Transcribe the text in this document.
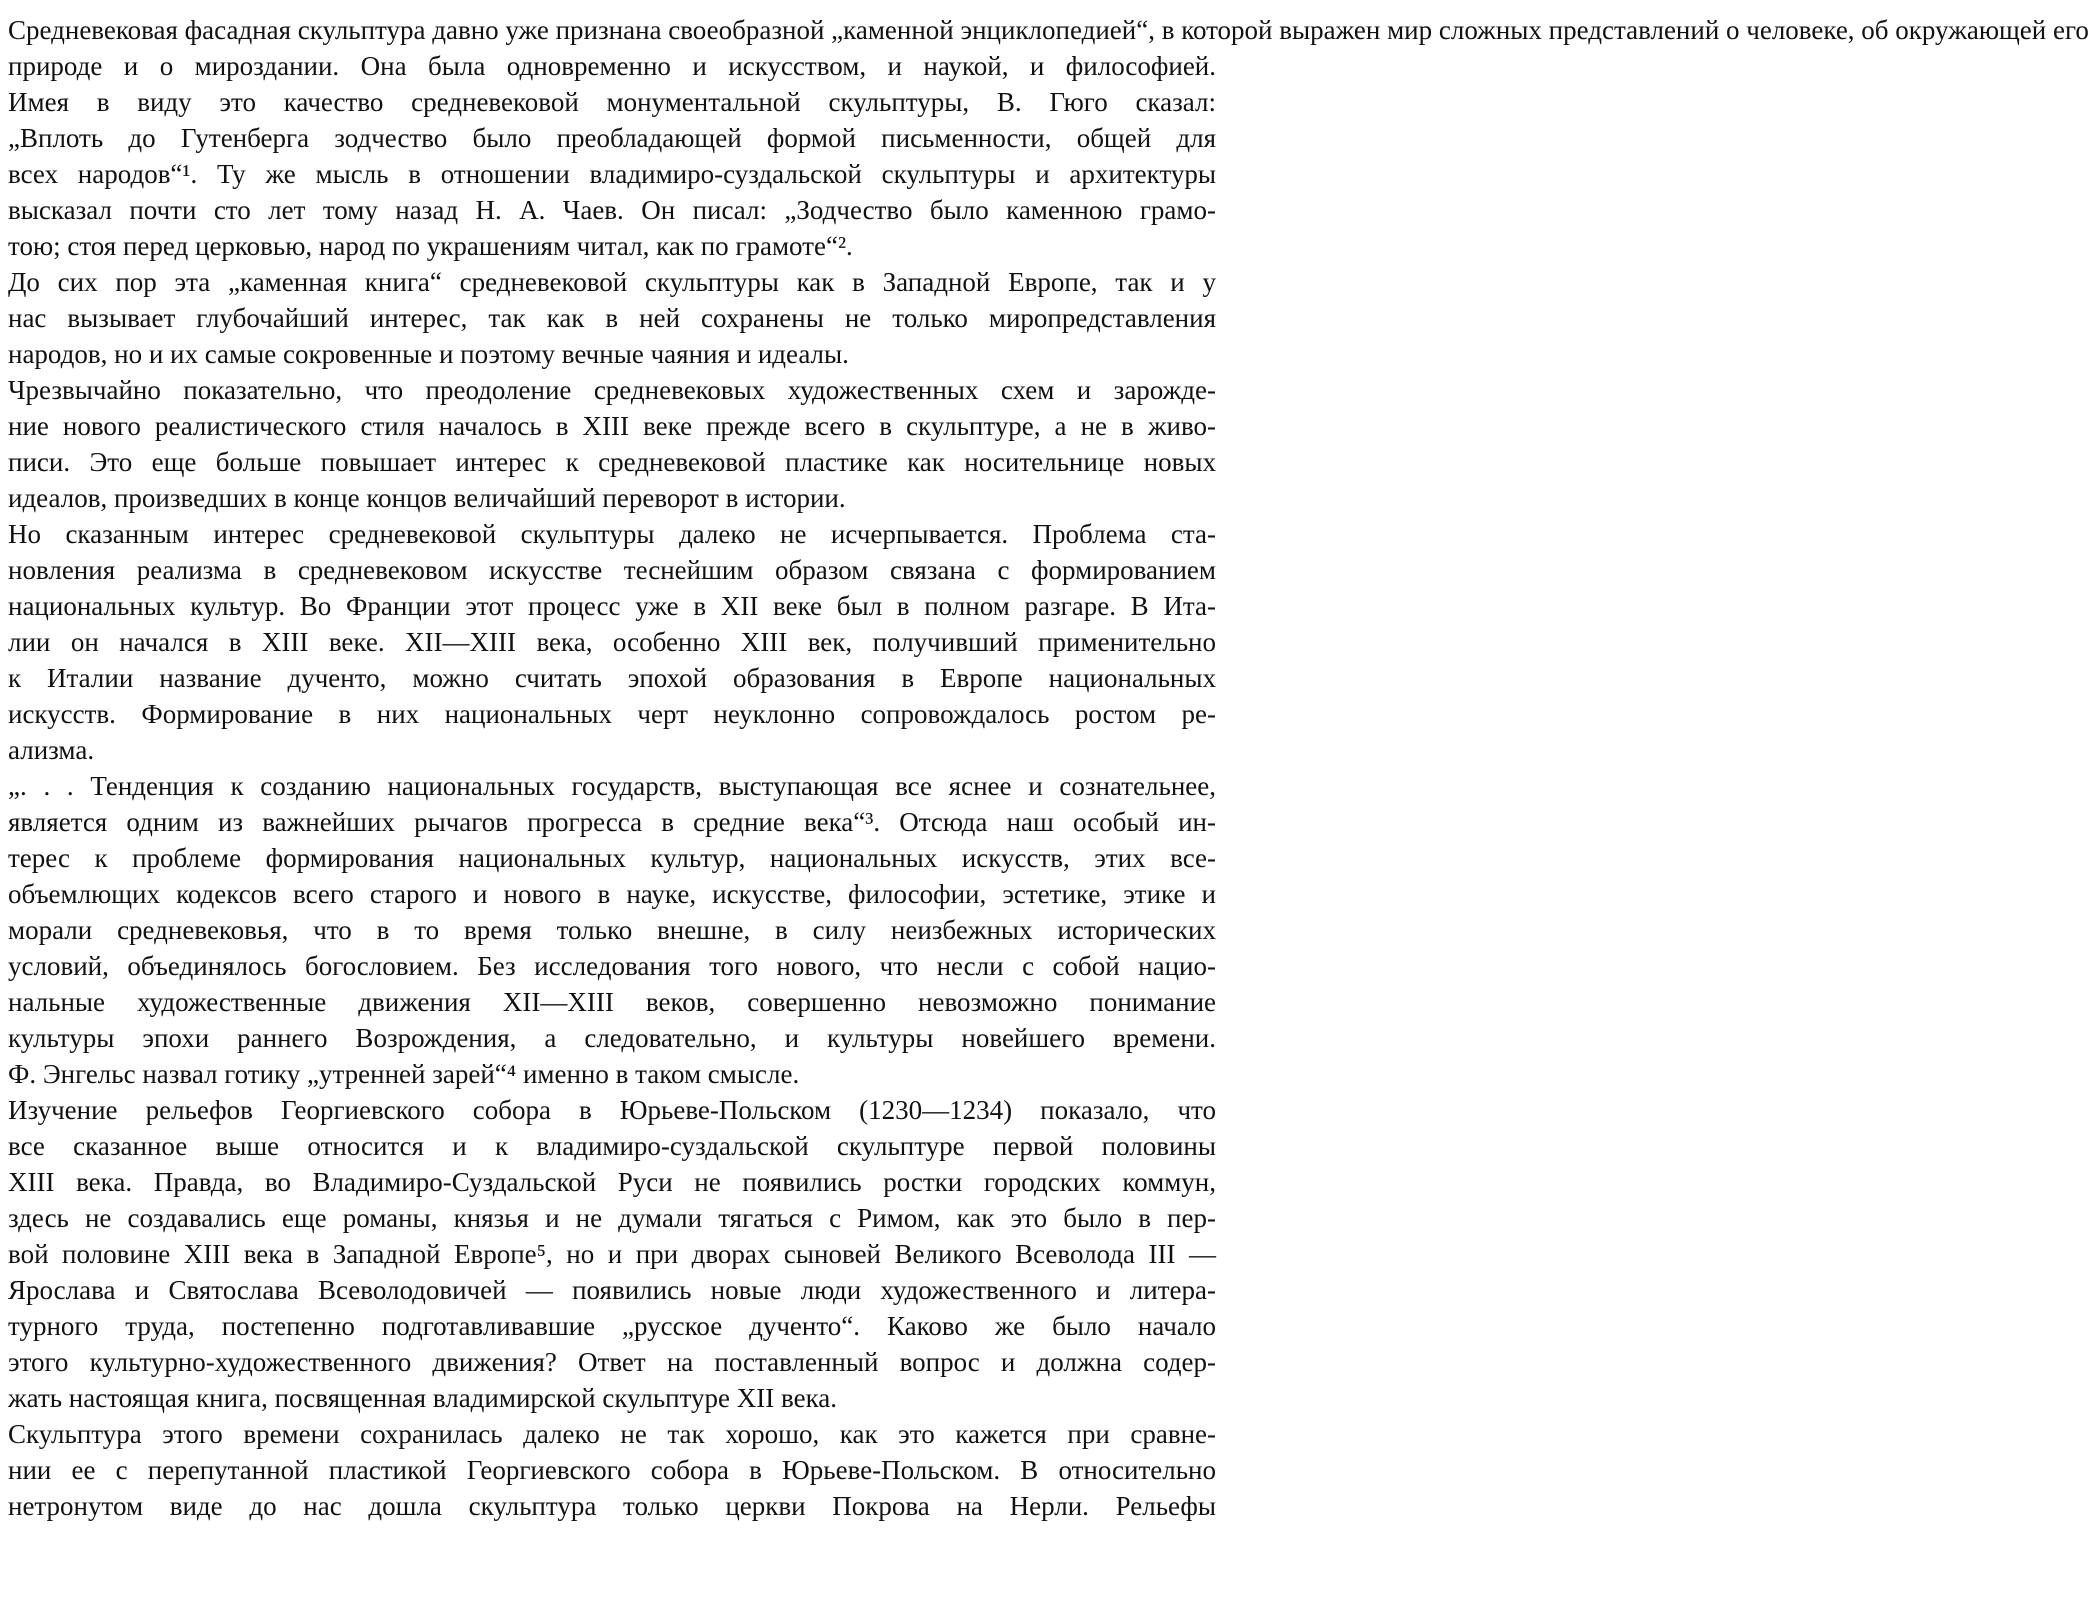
Средневековая фасадная скульптура давно уже признана своеобразной „каменной энциклопедией“, в которой выражен мир сложных представлений о человеке, об окружающей его
природе и о мироздании. Она была одновременно и искусством, и наукой, и философией.
Имея в виду это качество средневековой монументальной скульптуры, В. Гюго сказал:
„Вплоть до Гутенберга зодчество было преобладающей формой письменности, общей для
всех народов“¹. Ту же мысль в отношении владимиро-суздальской скульптуры и архитектуры
высказал почти сто лет тому назад Н. А. Чаев. Он писал: „Зодчество было каменною грамо-
тою; стоя перед церковью, народ по украшениям читал, как по грамоте“².
До сих пор эта „каменная книга“ средневековой скульптуры как в Западной Европе, так и у
нас вызывает глубочайший интерес, так как в ней сохранены не только миропредставления
народов, но и их самые сокровенные и поэтому вечные чаяния и идеалы.
Чрезвычайно показательно, что преодоление средневековых художественных схем и зарожде-
ние нового реалистического стиля началось в XIII веке прежде всего в скульптуре, а не в живо-
писи. Это еще больше повышает интерес к средневековой пластике как носительнице новых
идеалов, произведших в конце концов величайший переворот в истории.
Но сказанным интерес средневековой скульптуры далеко не исчерпывается. Проблема ста-
новления реализма в средневековом искусстве теснейшим образом связана с формированием
национальных культур. Во Франции этот процесс уже в XII веке был в полном разгаре. В Ита-
лии он начался в XIII веке. XII—XIII века, особенно XIII век, получивший применительно
к Италии название дученто, можно считать эпохой образования в Европе национальных
искусств. Формирование в них национальных черт неуклонно сопровождалось ростом ре-
ализма.
„. . . Тенденция к созданию национальных государств, выступающая все яснее и сознательнее,
является одним из важнейших рычагов прогресса в средние века“³. Отсюда наш особый ин-
терес к проблеме формирования национальных культур, национальных искусств, этих все-
объемлющих кодексов всего старого и нового в науке, искусстве, философии, эстетике, этике и
морали средневековья, что в то время только внешне, в силу неизбежных исторических
условий, объединялось богословием. Без исследования того нового, что несли с собой нацио-
нальные художественные движения XII—XIII веков, совершенно невозможно понимание
культуры эпохи раннего Возрождения, а следовательно, и культуры новейшего времени.
Ф. Энгельс назвал готику „утренней зарей“⁴ именно в таком смысле.
Изучение рельефов Георгиевского собора в Юрьеве-Польском (1230—1234) показало, что
все сказанное выше относится и к владимиро-суздальской скульптуре первой половины
XIII века. Правда, во Владимиро-Суздальской Руси не появились ростки городских коммун,
здесь не создавались еще романы, князья и не думали тягаться с Римом, как это было в пер-
вой половине XIII века в Западной Европе⁵, но и при дворах сыновей Великого Всеволода III —
Ярослава и Святослава Всеволодовичей — появились новые люди художественного и литера-
турного труда, постепенно подготавливавшие „русское дученто“. Каково же было начало
этого культурно-художественного движения? Ответ на поставленный вопрос и должна содер-
жать настоящая книга, посвященная владимирской скульптуре XII века.
Скульптура этого времени сохранилась далеко не так хорошо, как это кажется при сравне-
нии ее с перепутанной пластикой Георгиевского собора в Юрьеве-Польском. В относительно
нетронутом виде до нас дошла скульптура только церкви Покрова на Нерли. Рельефы
